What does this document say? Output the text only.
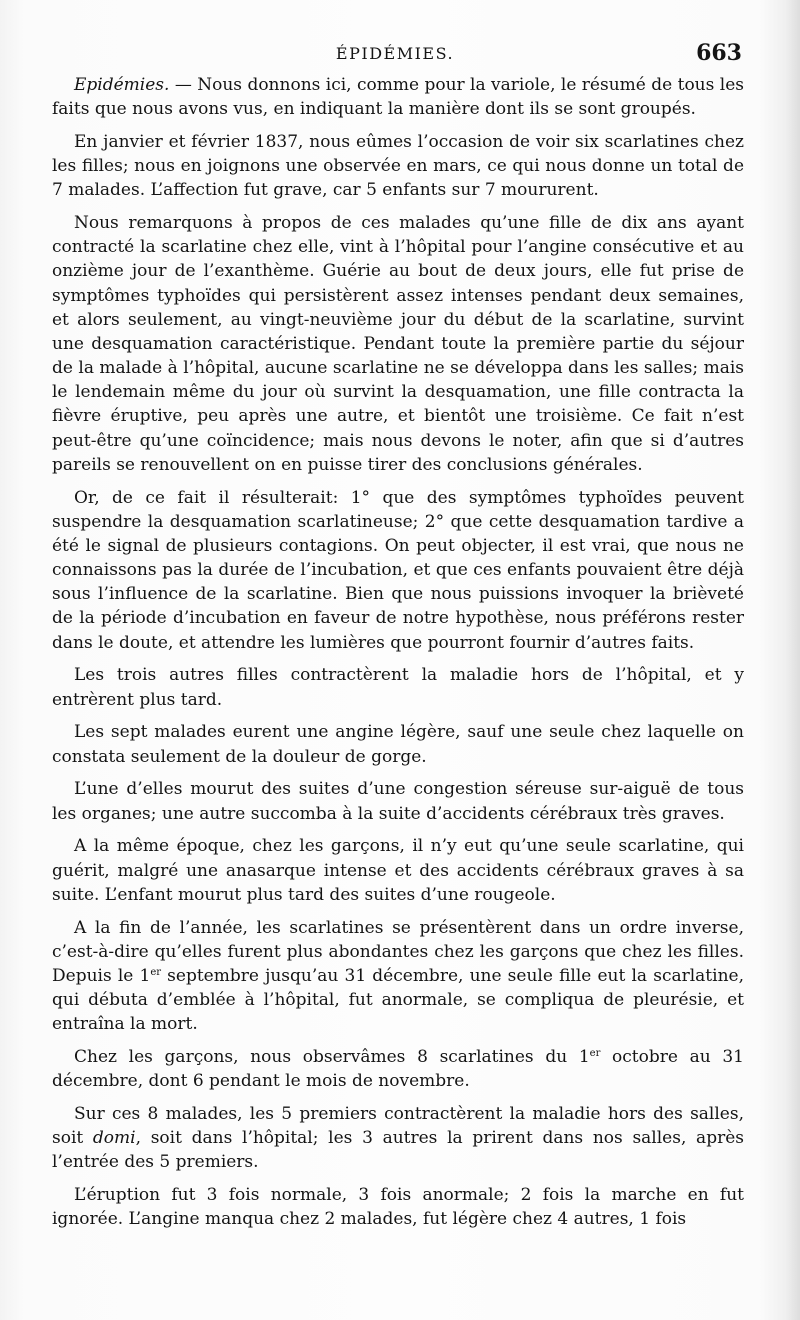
ÉPIDÉMIES.	663

Epidémies. — Nous donnons ici, comme pour la variole, le résumé de tous les faits que nous avons vus, en indiquant la manière dont ils se sont groupés.

En janvier et février 1837, nous eûmes l’occasion de voir six scarlatines chez les filles; nous en joignons une observée en mars, ce qui nous donne un total de 7 malades. L’affection fut grave, car 5 enfants sur 7 moururent.

Nous remarquons à propos de ces malades qu’une fille de dix ans ayant contracté la scarlatine chez elle, vint à l’hôpital pour l’angine consécutive et au onzième jour de l’exanthème. Guérie au bout de deux jours, elle fut prise de symptômes typhoïdes qui persistèrent assez intenses pendant deux semaines, et alors seulement, au vingt-neuvième jour du début de la scarlatine, survint une desquamation caractéristique. Pendant toute la première partie du séjour de la malade à l’hôpital, aucune scarlatine ne se développa dans les salles; mais le lendemain même du jour où survint la desquamation, une fille contracta la fièvre éruptive, peu après une autre, et bientôt une troisième. Ce fait n’est peut-être qu’une coïncidence; mais nous devons le noter, afin que si d’autres pareils se renouvellent on en puisse tirer des conclusions générales.

Or, de ce fait il résulterait: 1° que des symptômes typhoïdes peuvent suspendre la desquamation scarlatineuse; 2° que cette desquamation tardive a été le signal de plusieurs contagions. On peut objecter, il est vrai, que nous ne connaissons pas la durée de l’incubation, et que ces enfants pouvaient être déjà sous l’influence de la scarlatine. Bien que nous puissions invoquer la brièveté de la période d’incubation en faveur de notre hypothèse, nous préférons rester dans le doute, et attendre les lumières que pourront fournir d’autres faits.

Les trois autres filles contractèrent la maladie hors de l’hôpital, et y entrèrent plus tard.

Les sept malades eurent une angine légère, sauf une seule chez laquelle on constata seulement de la douleur de gorge.

L’une d’elles mourut des suites d’une congestion séreuse sur-aiguë de tous les organes; une autre succomba à la suite d’accidents cérébraux très graves.

A la même époque, chez les garçons, il n’y eut qu’une seule scarlatine, qui guérit, malgré une anasarque intense et des accidents cérébraux graves à sa suite. L’enfant mourut plus tard des suites d’une rougeole.

A la fin de l’année, les scarlatines se présentèrent dans un ordre inverse, c’est-à-dire qu’elles furent plus abondantes chez les garçons que chez les filles. Depuis le 1er septembre jusqu’au 31 décembre, une seule fille eut la scarlatine, qui débuta d’emblée à l’hôpital, fut anormale, se compliqua de pleurésie, et entraîna la mort.

Chez les garçons, nous observâmes 8 scarlatines du 1er octobre au 31 décembre, dont 6 pendant le mois de novembre.

Sur ces 8 malades, les 5 premiers contractèrent la maladie hors des salles, soit domi, soit dans l’hôpital; les 3 autres la prirent dans nos salles, après l’entrée des 5 premiers.

L’éruption fut 3 fois normale, 3 fois anormale; 2 fois la marche en fut ignorée. L’angine manqua chez 2 malades, fut légère chez 4 autres, 1 fois
